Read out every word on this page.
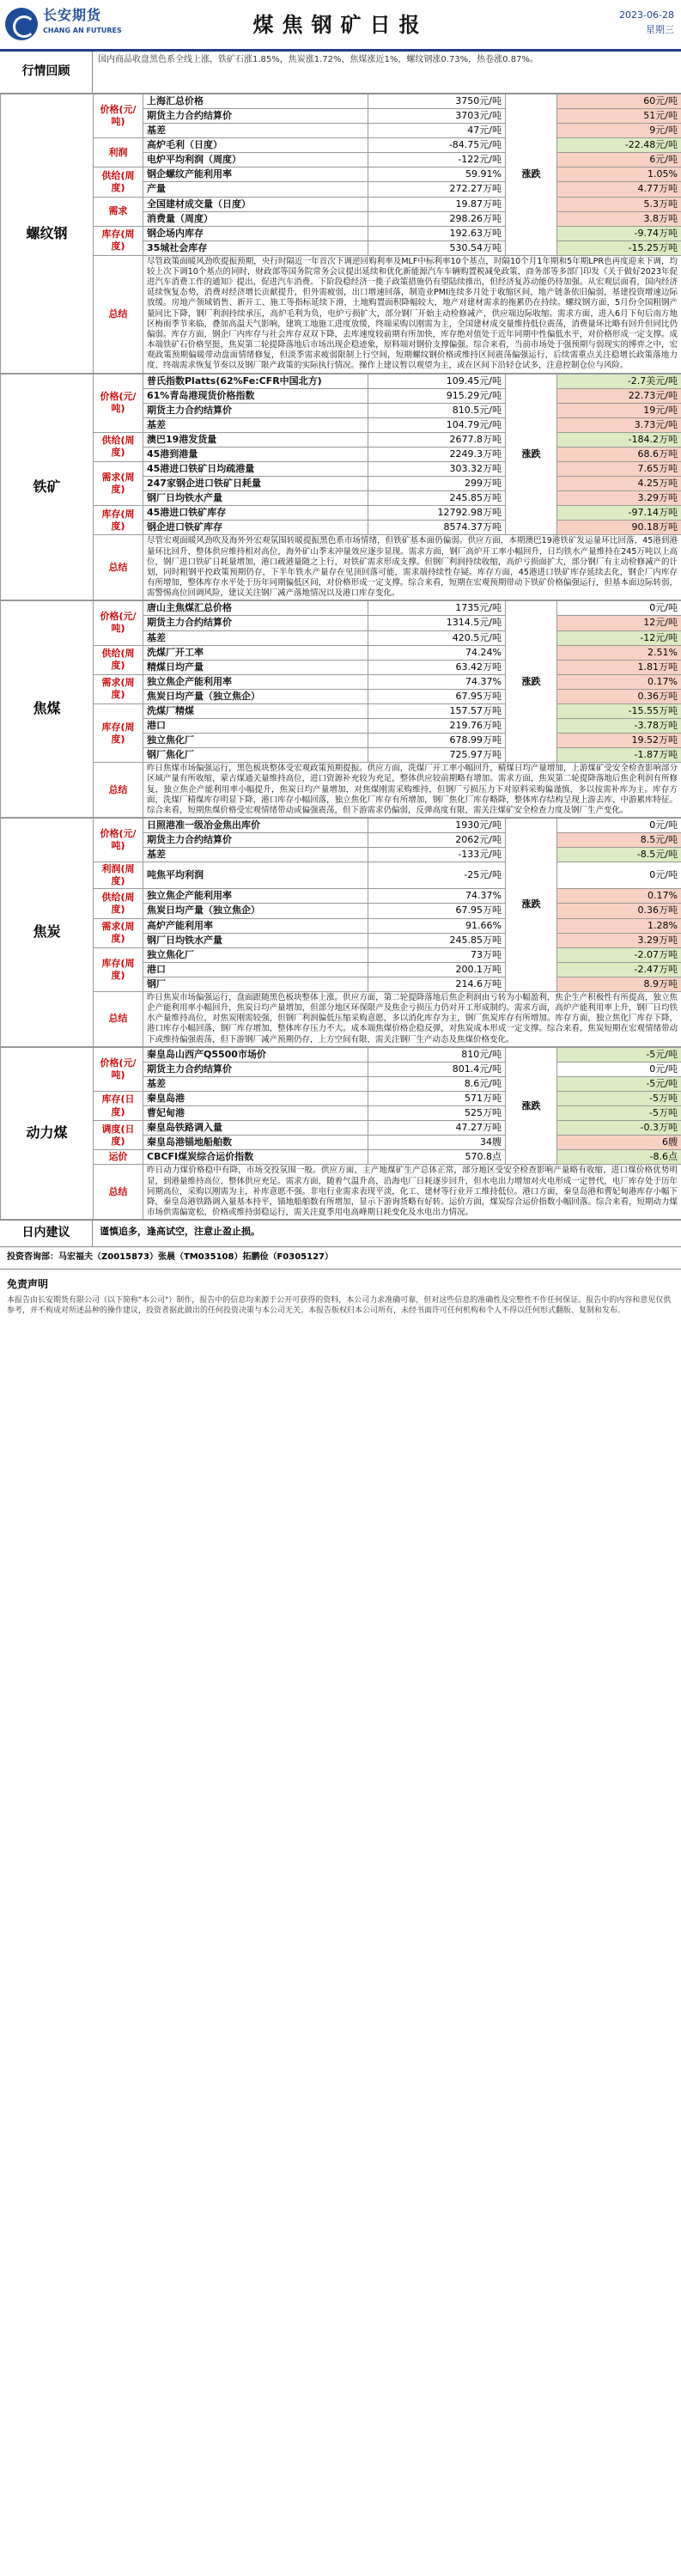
长安期货
CHANG AN FUTURES	煤焦钢矿日报	2023-06-28
星期三
行情回顾
国内商品收盘黑色系全线上涨，铁矿石涨1.85%，焦炭涨1.72%，焦煤涨近1%，螺纹钢涨0.73%，热卷涨0.87%。
螺纹钢	价格(元/吨)	上海汇总价格	3750元/吨	涨跌	60元/吨
		期货主力合约结算价	3703元/吨		51元/吨
		基差	47元/吨		9元/吨
	利润	高炉毛利（日度）	-84.75元/吨		-22.48元/吨
		电炉平均利润（周度）	-122元/吨		6元/吨
	供给(周度)	钢企螺纹产能利用率	59.91%		1.05%
		产量	272.27万吨		4.77万吨
	需求	全国建材成交量（日度）	19.87万吨		5.3万吨
		消费量（周度）	298.26万吨		3.8万吨
	库存(周度)	钢企场内库存	192.63万吨		-9.74万吨
		35城社会库存	530.54万吨		-15.25万吨
	总结	尽管政策面暖风劲吹提振预期，央行时隔近一年首次下调逆回购利率及MLF中标利率10个基点，时隔10个月1年期和5年期LPR也再度迎来下调，均较上次下调10个基点的同时，财政部等国务院常务会议提出延续和优化新能源汽车车辆购置税减免政策，商务部等多部门印发《关于做好2023年促进汽车消费工作的通知》提出，促进汽车消费。下阶段稳经济一揽子政策措施仍有望陆续推出，但经济复苏动能仍待加强。从宏观层面看，国内经济延续恢复态势，消费对经济增长贡献提升，但外需疲弱，出口增速回落，制造业PMI连续多月处于收缩区间，地产链条依旧偏弱，基建投资增速边际放缓。房地产领域销售、新开工、施工等指标延续下滑，土地购置面积降幅较大，地产对建材需求的拖累仍在持续。螺纹钢方面，5月份全国粗钢产量同比下降，钢厂利润持续承压，高炉毛利为负，电炉亏损扩大，部分钢厂开始主动检修减产，供应端边际收缩。需求方面，进入6月下旬后南方地区梅雨季节来临，叠加高温天气影响，建筑工地施工进度放缓，终端采购以刚需为主，全国建材成交量维持低位震荡，消费量环比略有回升但同比仍偏弱。库存方面，钢企厂内库存与社会库存双双下降，去库速度较前期有所加快，库存绝对值处于近年同期中性偏低水平，对价格形成一定支撑。成本端铁矿石价格坚挺，焦炭第二轮提降落地后市场出现企稳迹象，原料端对钢价支撑偏强。综合来看，当前市场处于强预期与弱现实的博弈之中，宏观政策预期偏暖带动盘面情绪修复，但淡季需求疲弱限制上行空间，短期螺纹钢价格或维持区间震荡偏强运行，后续需重点关注稳增长政策落地力度、终端需求恢复节奏以及钢厂限产政策的实际执行情况。操作上建议暂以观望为主，或在区间下沿轻仓试多，注意控制仓位与风险。			
铁矿	价格(元/吨)	普氏指数Platts(62%Fe:CFR中国北方)	109.45元/吨	涨跌	-2.7美元/吨
		61%青岛港现货价格指数	915.29元/吨		22.73元/吨
		期货主力合约结算价	810.5元/吨		19元/吨
		基差	104.79元/吨		3.73元/吨
	供给(周度)	澳巴19港发货量	2677.8万吨		-184.2万吨
		45港到港量	2249.3万吨		68.6万吨
	需求(周度)	45港进口铁矿日均疏港量	303.32万吨		7.65万吨
		247家钢企进口铁矿日耗量	299万吨		4.25万吨
		钢厂日均铁水产量	245.85万吨		3.29万吨
	库存(周度)	45港进口铁矿库存	12792.98万吨		-97.14万吨
		钢企进口铁矿库存	8574.37万吨		90.18万吨
	总结	尽管宏观面暖风劲吹及海外外宏观氛围转暖提振黑色系市场情绪，但铁矿基本面仍偏弱。供应方面，本期澳巴19港铁矿发运量环比回落，45港到港量环比回升，整体供应维持相对高位，海外矿山季末冲量效应逐步显现。需求方面，钢厂高炉开工率小幅回升，日均铁水产量维持在245万吨以上高位，钢厂进口铁矿日耗量增加，港口疏港量随之上行，对铁矿需求形成支撑。但钢厂利润持续收缩，高炉亏损面扩大，部分钢厂有主动检修减产的计划，同时粗钢平控政策预期仍存，下半年铁水产量存在见顶回落可能，需求端持续性存疑。库存方面，45港进口铁矿库存延续去化，钢企厂内库存有所增加，整体库存水平处于历年同期偏低区间，对价格形成一定支撑。综合来看，短期在宏观预期带动下铁矿价格偏强运行，但基本面边际转弱，需警惕高位回调风险，建议关注钢厂减产落地情况以及港口库存变化。			
焦煤	价格(元/吨)	唐山主焦煤汇总价格	1735元/吨	涨跌	0元/吨
		期货主力合约结算价	1314.5元/吨		12元/吨
		基差	420.5元/吨		-12元/吨
	供给(周度)	洗煤厂开工率	74.24%		2.51%
		精煤日均产量	63.42万吨		1.81万吨
	需求(周度)	独立焦企产能利用率	74.37%		0.17%
		焦炭日均产量（独立焦企）	67.95万吨		0.36万吨
	库存(周度)	洗煤厂精煤	157.57万吨		-15.55万吨
		港口	219.76万吨		-3.78万吨
		独立焦化厂	678.99万吨		19.52万吨
		钢厂焦化厂	725.97万吨		-1.87万吨
	总结	昨日焦煤市场偏强运行，黑色板块整体受宏观政策预期提振。供应方面，洗煤厂开工率小幅回升，精煤日均产量增加，上游煤矿受安全检查影响部分区域产量有所收缩，蒙古煤通关量维持高位，进口资源补充较为充足，整体供应较前期略有增加。需求方面，焦炭第二轮提降落地后焦企利润有所修复，独立焦企产能利用率小幅提升，焦炭日均产量增加，对焦煤刚需采购维持，但钢厂亏损压力下对原料采购偏谨慎，多以按需补库为主。库存方面，洗煤厂精煤库存明显下降，港口库存小幅回落，独立焦化厂库存有所增加，钢厂焦化厂库存略降，整体库存结构呈现上游去库、中游累库特征。综合来看，短期焦煤价格受宏观情绪带动或偏强震荡，但下游需求仍偏弱，反弹高度有限，需关注煤矿安全检查力度及钢厂生产变化。			
焦炭	价格(元/吨)	日照港准一级冶金焦出库价	1930元/吨	涨跌	0元/吨
		期货主力合约结算价	2062元/吨		8.5元/吨
		基差	-133元/吨		-8.5元/吨
	利润(周度)	吨焦平均利润	-25元/吨		0元/吨
	供给(周度)	独立焦企产能利用率	74.37%		0.17%
		焦炭日均产量（独立焦企）	67.95万吨		0.36万吨
	需求(周度)	高炉产能利用率	91.66%		1.28%
		钢厂日均铁水产量	245.85万吨		3.29万吨
	库存(周度)	独立焦化厂	73万吨		-2.07万吨
		港口	200.1万吨		-2.47万吨
		钢厂	214.6万吨		8.9万吨
	总结	昨日焦炭市场偏强运行，盘面跟随黑色板块整体上涨。供应方面，第二轮提降落地后焦企利润由亏转为小幅盈利，焦企生产积极性有所提高，独立焦企产能利用率小幅回升，焦炭日均产量增加，但部分地区环保限产及焦企亏损压力仍对开工形成制约。需求方面，高炉产能利用率上升，钢厂日均铁水产量维持高位，对焦炭刚需较强，但钢厂利润偏低压缩采购意愿，多以消化库存为主，钢厂焦炭库存有所增加。库存方面，独立焦化厂库存下降，港口库存小幅回落，钢厂库存增加，整体库存压力不大。成本端焦煤价格企稳反弹，对焦炭成本形成一定支撑。综合来看，焦炭短期在宏观情绪带动下或维持偏强震荡，但下游钢厂减产预期仍存，上方空间有限，需关注钢厂生产动态及焦煤价格变化。			
动力煤	价格(元/吨)	秦皇岛山西产Q5500市场价	810元/吨	涨跌	-5元/吨
		期货主力合约结算价	801.4元/吨		0元/吨
		基差	8.6元/吨		-5元/吨
	库存(日度)	秦皇岛港	571万吨		-5万吨
		曹妃甸港	525万吨		-5万吨
	调度(日度)	秦皇岛铁路调入量	47.27万吨		-0.3万吨
		秦皇岛港锚地船舶数	34艘		6艘
	运价	CBCFI煤炭综合运价指数	570.8点		-8.6点
	总结	昨日动力煤价格稳中有降，市场交投氛围一般。供应方面，主产地煤矿生产总体正常，部分地区受安全检查影响产量略有收缩，进口煤价格优势明显，到港量维持高位，整体供应充足。需求方面，随着气温升高，沿海电厂日耗逐步回升，但水电出力增加对火电形成一定替代，电厂库存处于历年同期高位，采购以刚需为主，补库意愿不强。非电行业需求表现平淡，化工、建材等行业开工维持低位。港口方面，秦皇岛港和曹妃甸港库存小幅下降，秦皇岛港铁路调入量基本持平，锚地船舶数有所增加，显示下游询货略有好转。运价方面，煤炭综合运价指数小幅回落。综合来看，短期动力煤市场供需偏宽松，价格或维持弱稳运行，需关注夏季用电高峰期日耗变化及水电出力情况。			
日内建议	谨慎追多，逢高试空，注意止盈止损。
投资咨询部：马宏福夫（Z0015873）张晨（TM035108）拓鹏俭（F0305127）
免责声明
本报告由长安期货有限公司（以下简称"本公司"）制作，报告中的信息均来源于公开可获得的资料，本公司力求准确可靠，但对这些信息的准确性及完整性不作任何保证。报告中的内容和意见仅供参考，并不构成对所述品种的操作建议，投资者据此做出的任何投资决策与本公司无关。本报告版权归本公司所有，未经书面许可任何机构和个人不得以任何形式翻版、复制和发布。
